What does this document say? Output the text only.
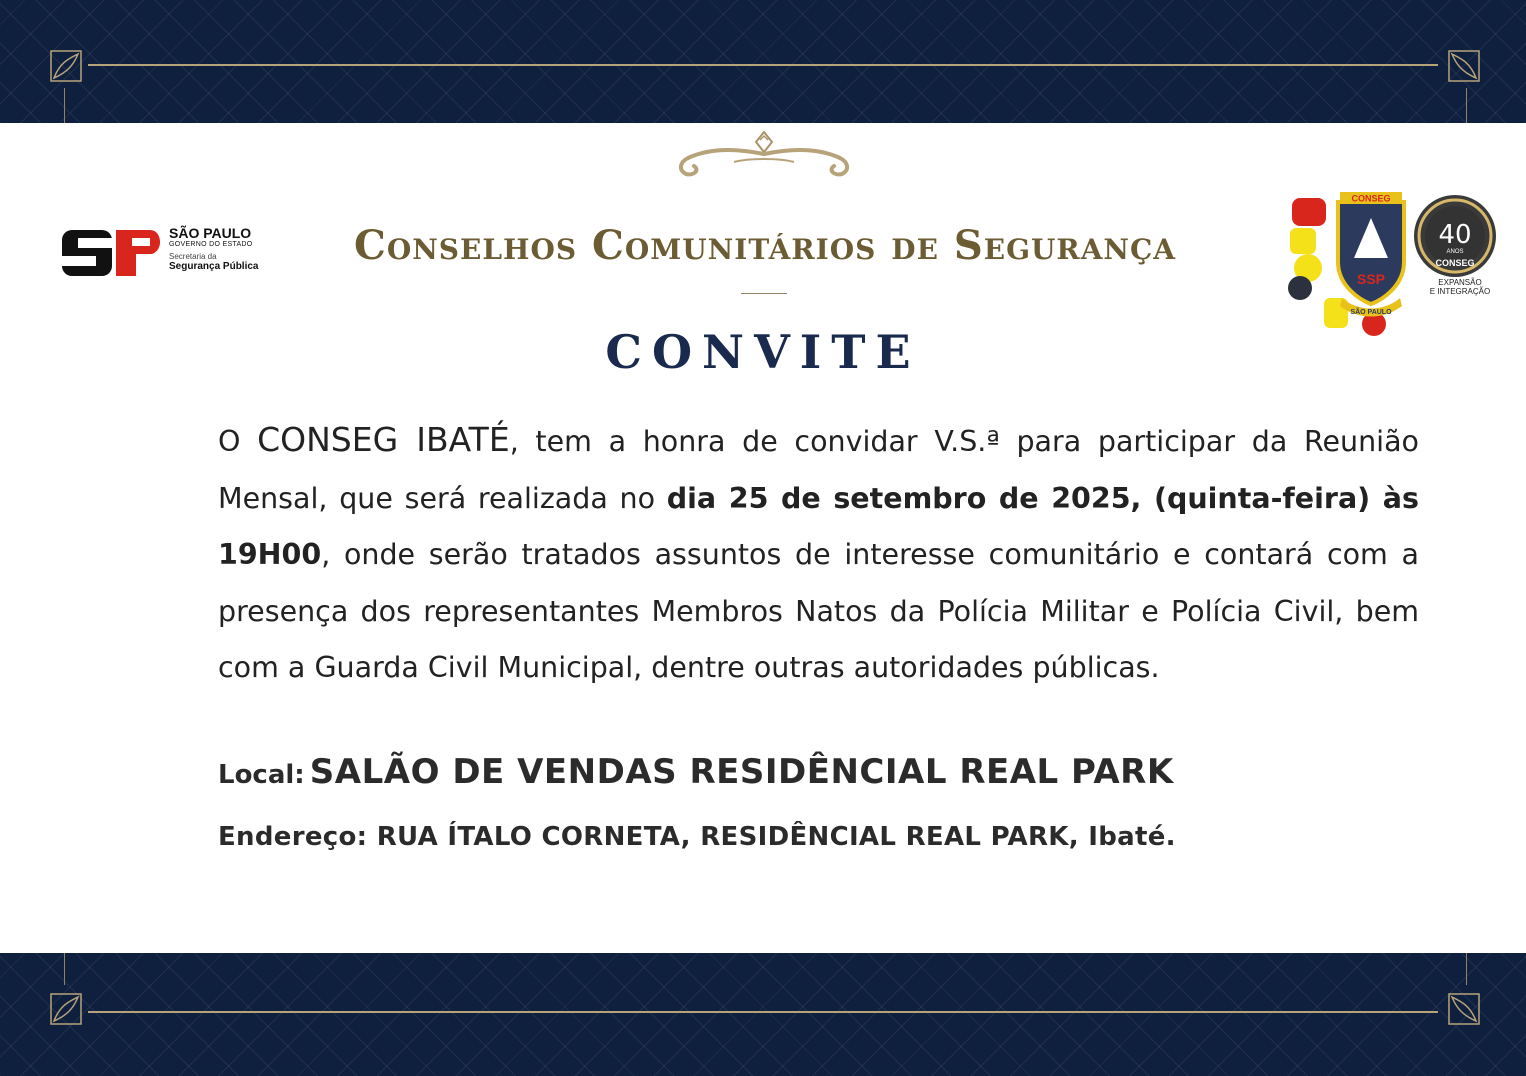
SÃO PAULO
GOVERNO DO ESTADO
Secretaria da
Segurança Pública	Conselhos Comunitários de Segurança
CONVITE
CONSEG
SSP
SÃO PAULO
40
ANOS
CONSEG
EXPANSÃO
E INTEGRAÇÃO
O CONSEG IBATÉ, tem a honra de convidar V.S.ª para participar da Reunião Mensal, que será realizada no dia 25 de setembro de 2025, (quinta-feira) às 19H00, onde serão tratados assuntos de interesse comunitário e contará com a presença dos representantes Membros Natos da Polícia Militar e Polícia Civil, bem com a Guarda Civil Municipal, dentre outras autoridades públicas.
Local: SALÃO DE VENDAS RESIDÊNCIAL REAL PARK
Endereço: RUA ÍTALO CORNETA, RESIDÊNCIAL REAL PARK, Ibaté.
